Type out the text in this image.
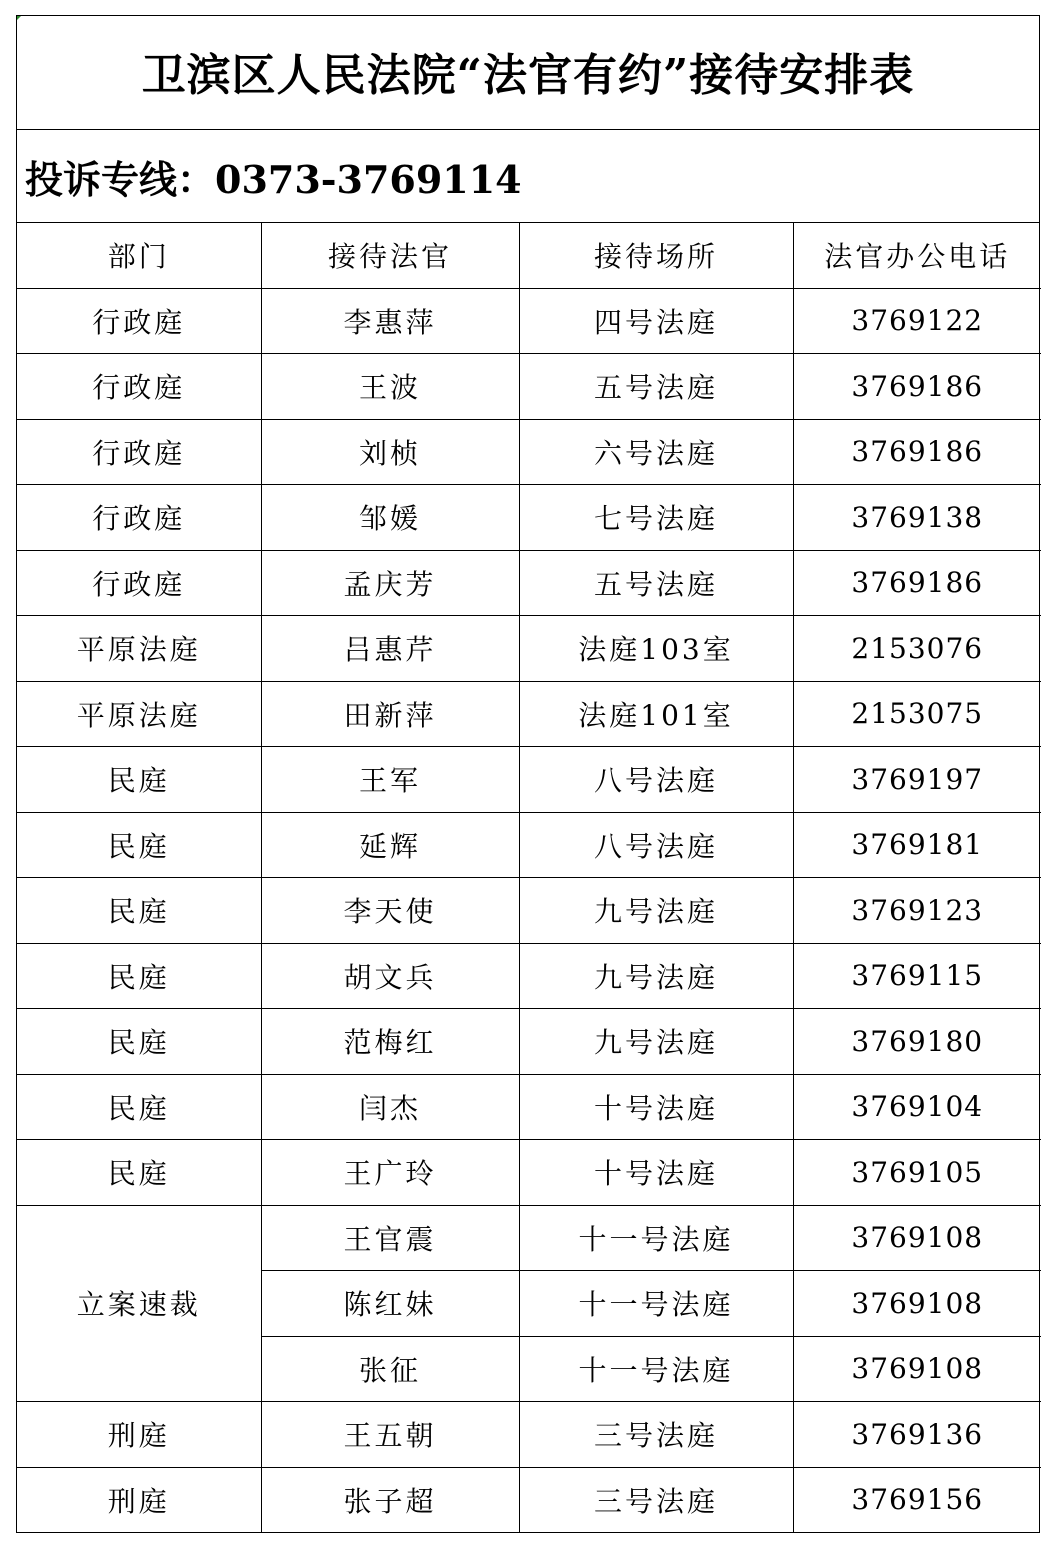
卫滨区人民法院“法官有约”接待安排表
投诉专线：0373-3769114
部门	接待法官	接待场所	法官办公电话
行政庭	李惠萍	四号法庭	3769122
行政庭	王波	五号法庭	3769186
行政庭	刘桢	六号法庭	3769186
行政庭	邹媛	七号法庭	3769138
行政庭	孟庆芳	五号法庭	3769186
平原法庭	吕惠芹	法庭103室	2153076
平原法庭	田新萍	法庭101室	2153075
民庭	王军	八号法庭	3769197
民庭	延辉	八号法庭	3769181
民庭	李天使	九号法庭	3769123
民庭	胡文兵	九号法庭	3769115
民庭	范梅红	九号法庭	3769180
民庭	闫杰	十号法庭	3769104
民庭	王广玲	十号法庭	3769105
立案速裁	王官震	十一号法庭	3769108
	陈红妹	十一号法庭	3769108
	张征	十一号法庭	3769108
刑庭	王五朝	三号法庭	3769136
刑庭	张子超	三号法庭	3769156
